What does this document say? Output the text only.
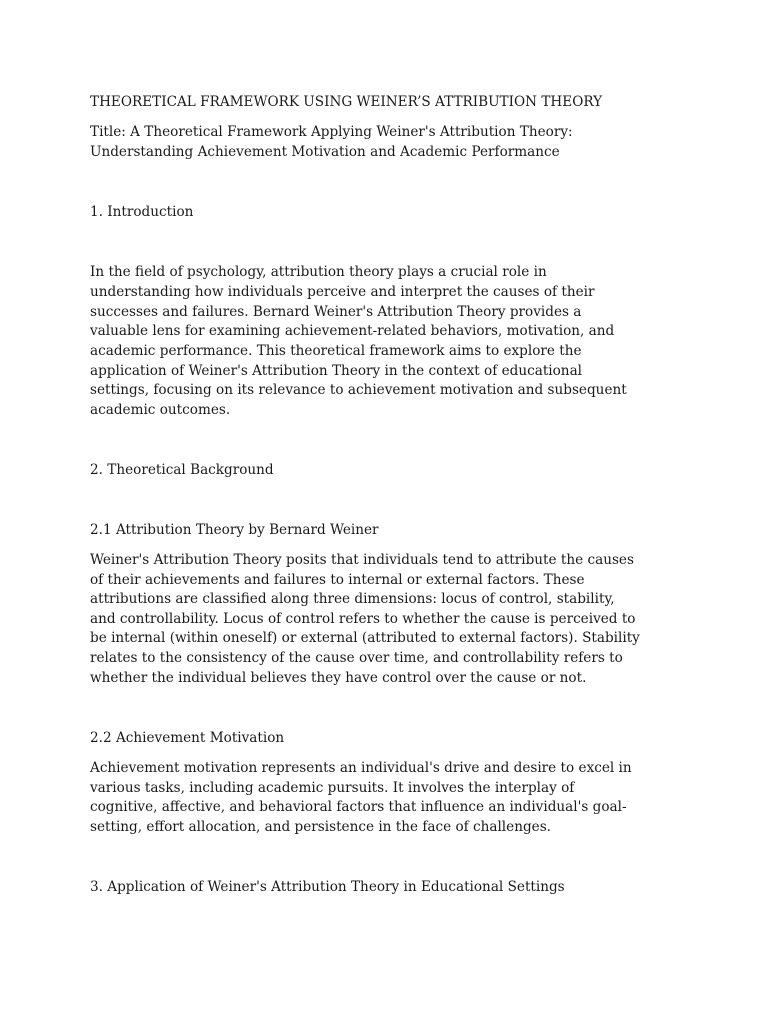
THEORETICAL FRAMEWORK USING WEINER’S ATTRIBUTION THEORY
Title: A Theoretical Framework Applying Weiner's Attribution Theory:
Understanding Achievement Motivation and Academic Performance
1. Introduction
In the field of psychology, attribution theory plays a crucial role in
understanding how individuals perceive and interpret the causes of their
successes and failures. Bernard Weiner's Attribution Theory provides a
valuable lens for examining achievement-related behaviors, motivation, and
academic performance. This theoretical framework aims to explore the
application of Weiner's Attribution Theory in the context of educational
settings, focusing on its relevance to achievement motivation and subsequent
academic outcomes.
2. Theoretical Background
2.1 Attribution Theory by Bernard Weiner
Weiner's Attribution Theory posits that individuals tend to attribute the causes
of their achievements and failures to internal or external factors. These
attributions are classified along three dimensions: locus of control, stability,
and controllability. Locus of control refers to whether the cause is perceived to
be internal (within oneself) or external (attributed to external factors). Stability
relates to the consistency of the cause over time, and controllability refers to
whether the individual believes they have control over the cause or not.
2.2 Achievement Motivation
Achievement motivation represents an individual's drive and desire to excel in
various tasks, including academic pursuits. It involves the interplay of
cognitive, affective, and behavioral factors that influence an individual's goal-
setting, effort allocation, and persistence in the face of challenges.
3. Application of Weiner's Attribution Theory in Educational Settings
